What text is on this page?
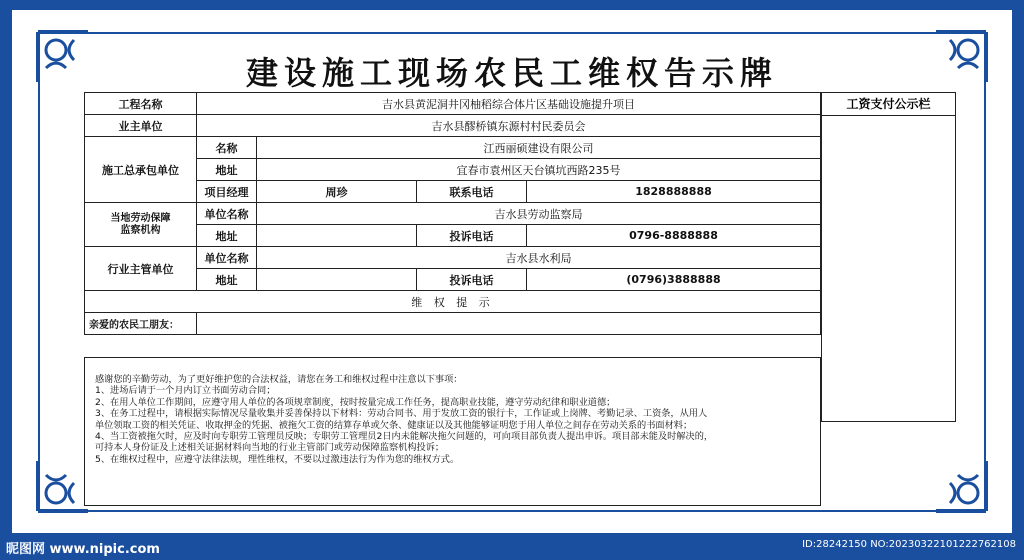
建设施工现场农民工维权告示牌
工程名称	吉水县黄泥洞井冈柚稻综合体片区基础设施提升项目			
业主单位	吉水县醪桥镇东源村村民委员会			
施工总承包单位	名称	江西丽硕建设有限公司		
	地址	宜春市袁州区天台镇坑西路235号		
	项目经理	周珍	联系电话	1828888888
当地劳动保障
监察机构	单位名称	吉水县劳动监察局		
	地址		投诉电话	0796-8888888
行业主管单位	单位名称	吉水县水利局		
	地址		投诉电话	(0796)3888888
维 权 提 示				
亲爱的农民工朋友：				
工资支付公示栏

感谢您的辛勤劳动，为了更好维护您的合法权益，请您在务工和维权过程中注意以下事项：

1、进场后请于一个月内订立书面劳动合同；

2、在用人单位工作期间，应遵守用人单位的各项规章制度，按时按量完成工作任务，提高职业技能，遵守劳动纪律和职业道德；

3、在务工过程中，请根据实际情况尽量收集并妥善保持以下材料：劳动合同书、用于发放工资的银行卡，工作证或上岗牌、考勤记录、工资条，从用人

单位领取工资的相关凭证、收取押金的凭据、被拖欠工资的结算存单或欠条、健康证以及其他能够证明您于用人单位之间存在劳动关系的书面材料；

4、当工资被拖欠时，应及时向专职劳工管理员反映；专职劳工管理员2日内未能解决拖欠问题的，可向项目部负责人提出申诉。项目部未能及时解决的，

可持本人身份证及上述相关证据材料向当地的行业主管部门或劳动保障监察机构投诉；

5、在维权过程中，应遵守法律法规，理性维权，不要以过激违法行为作为您的维权方式。

昵图网 www.nipic.com	ID:28242150 NO:20230322101222762108
